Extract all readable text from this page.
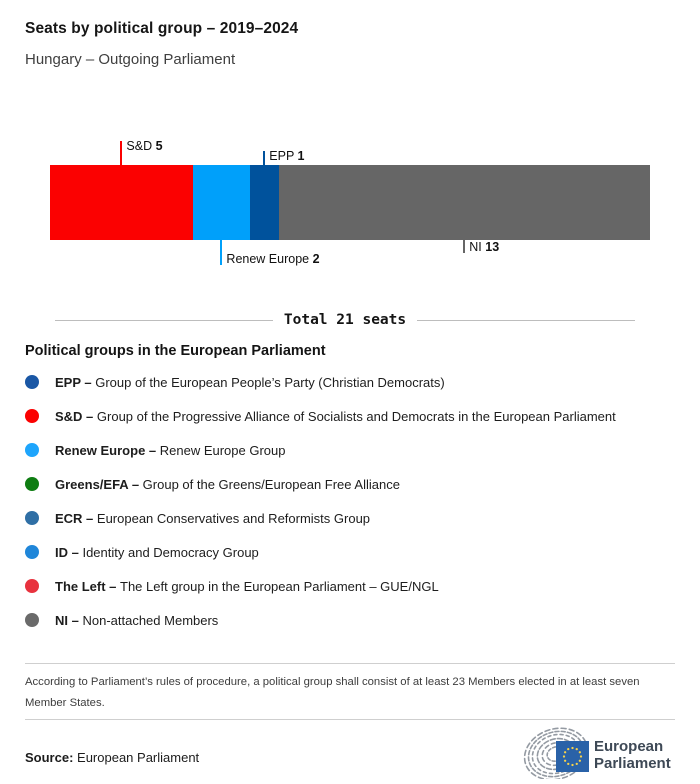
Seats by political group – 2019–2024
Hungary – Outgoing Parliament
S&D 5
Renew Europe 2
EPP 1
NI 13
Total 21 seats
Political groups in the European Parliament
EPP – Group of the European People’s Party (Christian Democrats)
S&D – Group of the Progressive Alliance of Socialists and Democrats in the European Parliament
Renew Europe – Renew Europe Group
Greens/EFA – Group of the Greens/European Free Alliance
ECR – European Conservatives and Reformists Group
ID – Identity and Democracy Group
The Left – The Left group in the European Parliament – GUE/NGL
NI – Non-attached Members
According to Parliament’s rules of procedure, a political group shall consist of at least 23 Members elected in at least seven Member States.
Source: European Parliament
European
Parliament
